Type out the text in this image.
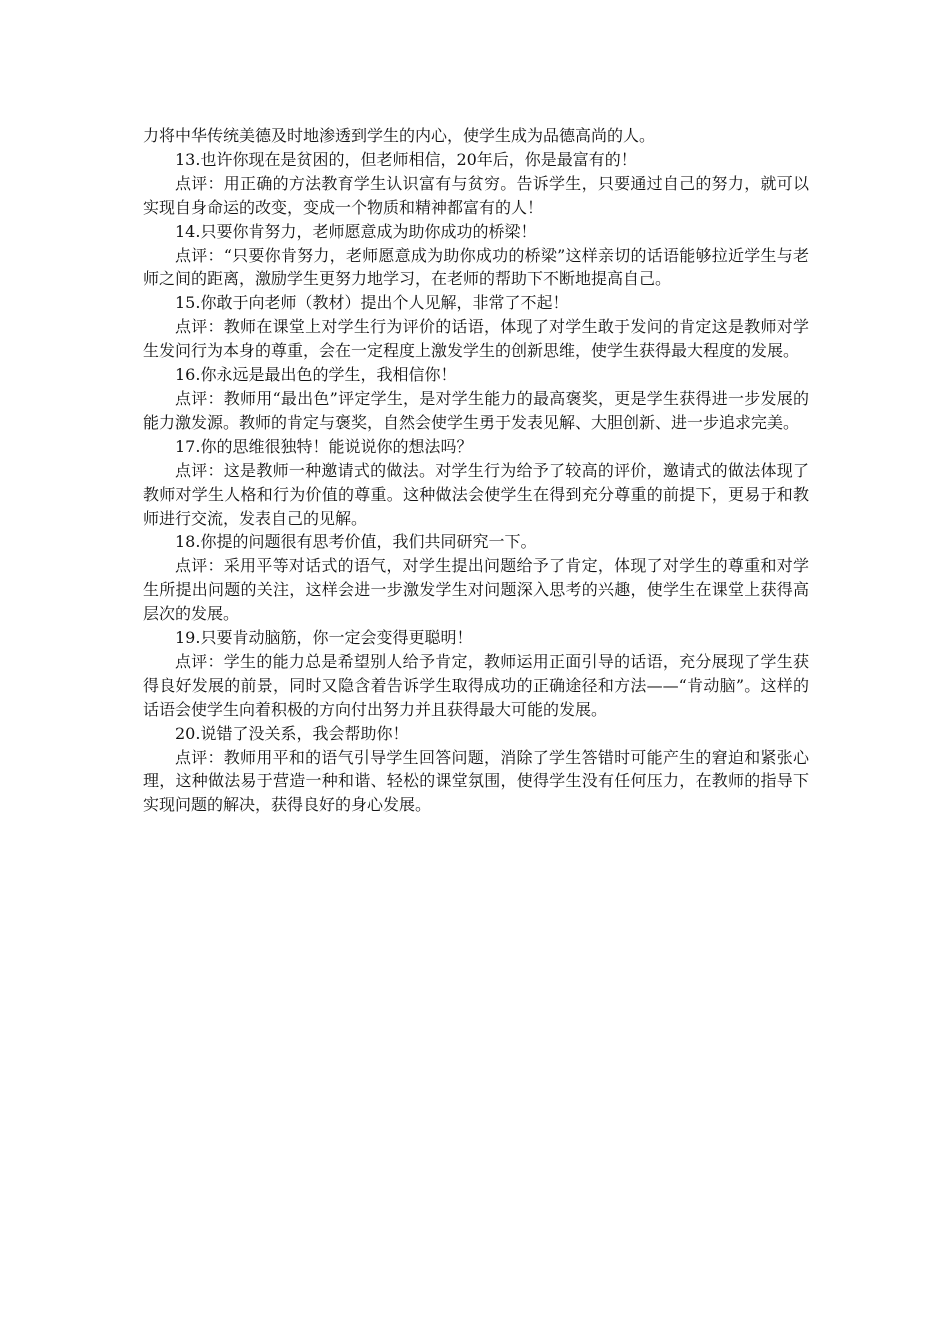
力将中华传统美德及时地渗透到学生的内心，使学生成为品德高尚的人。

13.也许你现在是贫困的，但老师相信，20年后，你是最富有的！

点评：用正确的方法教育学生认识富有与贫穷。告诉学生，只要通过自己的努力，就可以实现自身命运的改变，变成一个物质和精神都富有的人！

14.只要你肯努力，老师愿意成为助你成功的桥梁！

点评：“只要你肯努力，老师愿意成为助你成功的桥梁”这样亲切的话语能够拉近学生与老师之间的距离，激励学生更努力地学习，在老师的帮助下不断地提高自己。

15.你敢于向老师（教材）提出个人见解，非常了不起！

点评：教师在课堂上对学生行为评价的话语，体现了对学生敢于发问的肯定这是教师对学生发问行为本身的尊重，会在一定程度上激发学生的创新思维，使学生获得最大程度的发展。

16.你永远是最出色的学生，我相信你！

点评：教师用“最出色”评定学生，是对学生能力的最高褒奖，更是学生获得进一步发展的能力激发源。教师的肯定与褒奖，自然会使学生勇于发表见解、大胆创新、进一步追求完美。

17.你的思维很独特！能说说你的想法吗？

点评：这是教师一种邀请式的做法。对学生行为给予了较高的评价，邀请式的做法体现了教师对学生人格和行为价值的尊重。这种做法会使学生在得到充分尊重的前提下，更易于和教师进行交流，发表自己的见解。

18.你提的问题很有思考价值，我们共同研究一下。

点评：采用平等对话式的语气，对学生提出问题给予了肯定，体现了对学生的尊重和对学生所提出问题的关注，这样会进一步激发学生对问题深入思考的兴趣，使学生在课堂上获得高层次的发展。

19.只要肯动脑筋，你一定会变得更聪明！

点评：学生的能力总是希望别人给予肯定，教师运用正面引导的话语，充分展现了学生获得良好发展的前景，同时又隐含着告诉学生取得成功的正确途径和方法——“肯动脑”。这样的话语会使学生向着积极的方向付出努力并且获得最大可能的发展。

20.说错了没关系，我会帮助你！

点评：教师用平和的语气引导学生回答问题，消除了学生答错时可能产生的窘迫和紧张心理，这种做法易于营造一种和谐、轻松的课堂氛围，使得学生没有任何压力，在教师的指导下实现问题的解决，获得良好的身心发展。
